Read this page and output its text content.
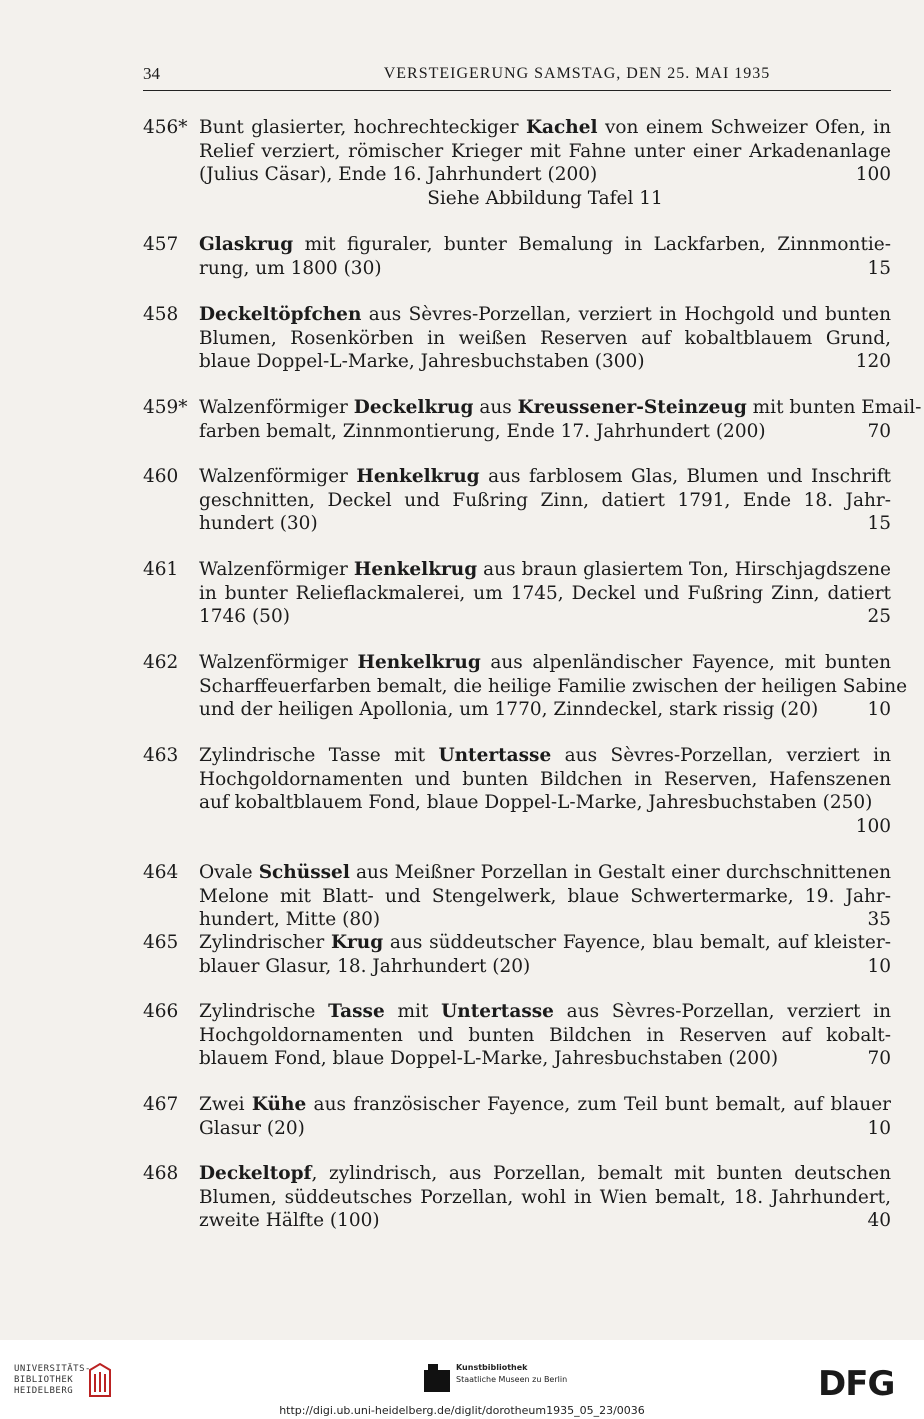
34	VERSTEIGERUNG SAMSTAG, DEN 25. MAI 1935
456* Bunt glasierter, hochrechteckiger Kachel von einem Schweizer Ofen, in
Relief verziert, römischer Krieger mit Fahne unter einer Arkadenanlage
(Julius Cäsar), Ende 16. Jahrhundert (200)	100
Siehe Abbildung Tafel 11
457	Glaskrug mit figuraler, bunter Bemalung in Lackfarben, Zinnmontie-
rung, um 1800 (30)	15
458	Deckeltöpfchen aus Sèvres-Porzellan, verziert in Hochgold und bunten
Blumen, Rosenkörben in weißen Reserven auf kobaltblauem Grund,
blaue Doppel-L-Marke, Jahresbuchstaben (300)	120
459* Walzenförmiger Deckelkrug aus Kreussener-Steinzeug mit bunten Email-
farben bemalt, Zinnmontierung, Ende 17. Jahrhundert (200)	70
460	Walzenförmiger Henkelkrug aus farblosem Glas, Blumen und Inschrift
geschnitten, Deckel und Fußring Zinn, datiert 1791, Ende 18. Jahr-
hundert (30)	15
461	Walzenförmiger Henkelkrug aus braun glasiertem Ton, Hirschjagdszene
in bunter Relieflackmalerei, um 1745, Deckel und Fußring Zinn, datiert
1746 (50)	25
462	Walzenförmiger Henkelkrug aus alpenländischer Fayence, mit bunten
Scharffeuerfarben bemalt, die heilige Familie zwischen der heiligen Sabine
und der heiligen Apollonia, um 1770, Zinndeckel, stark rissig (20)	10
463	Zylindrische Tasse mit Untertasse aus Sèvres-Porzellan, verziert in
Hochgoldornamenten und bunten Bildchen in Reserven, Hafenszenen
auf kobaltblauem Fond, blaue Doppel-L-Marke, Jahresbuchstaben (250)
100
464	Ovale Schüssel aus Meißner Porzellan in Gestalt einer durchschnittenen
Melone mit Blatt- und Stengelwerk, blaue Schwertermarke, 19. Jahr-
hundert, Mitte (80)	35
465	Zylindrischer Krug aus süddeutscher Fayence, blau bemalt, auf kleister-
blauer Glasur, 18. Jahrhundert (20)	10
466	Zylindrische Tasse mit Untertasse aus Sèvres-Porzellan, verziert in
Hochgoldornamenten und bunten Bildchen in Reserven auf kobalt-
blauem Fond, blaue Doppel-L-Marke, Jahresbuchstaben (200)	70
467	Zwei Kühe aus französischer Fayence, zum Teil bunt bemalt, auf blauer
Glasur (20)	10
468	Deckeltopf, zylindrisch, aus Porzellan, bemalt mit bunten deutschen
Blumen, süddeutsches Porzellan, wohl in Wien bemalt, 18. Jahrhundert,
zweite Hälfte (100)	40
UNIVERSITÄTS-
BIBLIOTHEK
HEIDELBERG
Kunstbibliothek
Staatliche Museen zu Berlin	DFG
http://digi.ub.uni-heidelberg.de/diglit/dorotheum1935_05_23/0036
